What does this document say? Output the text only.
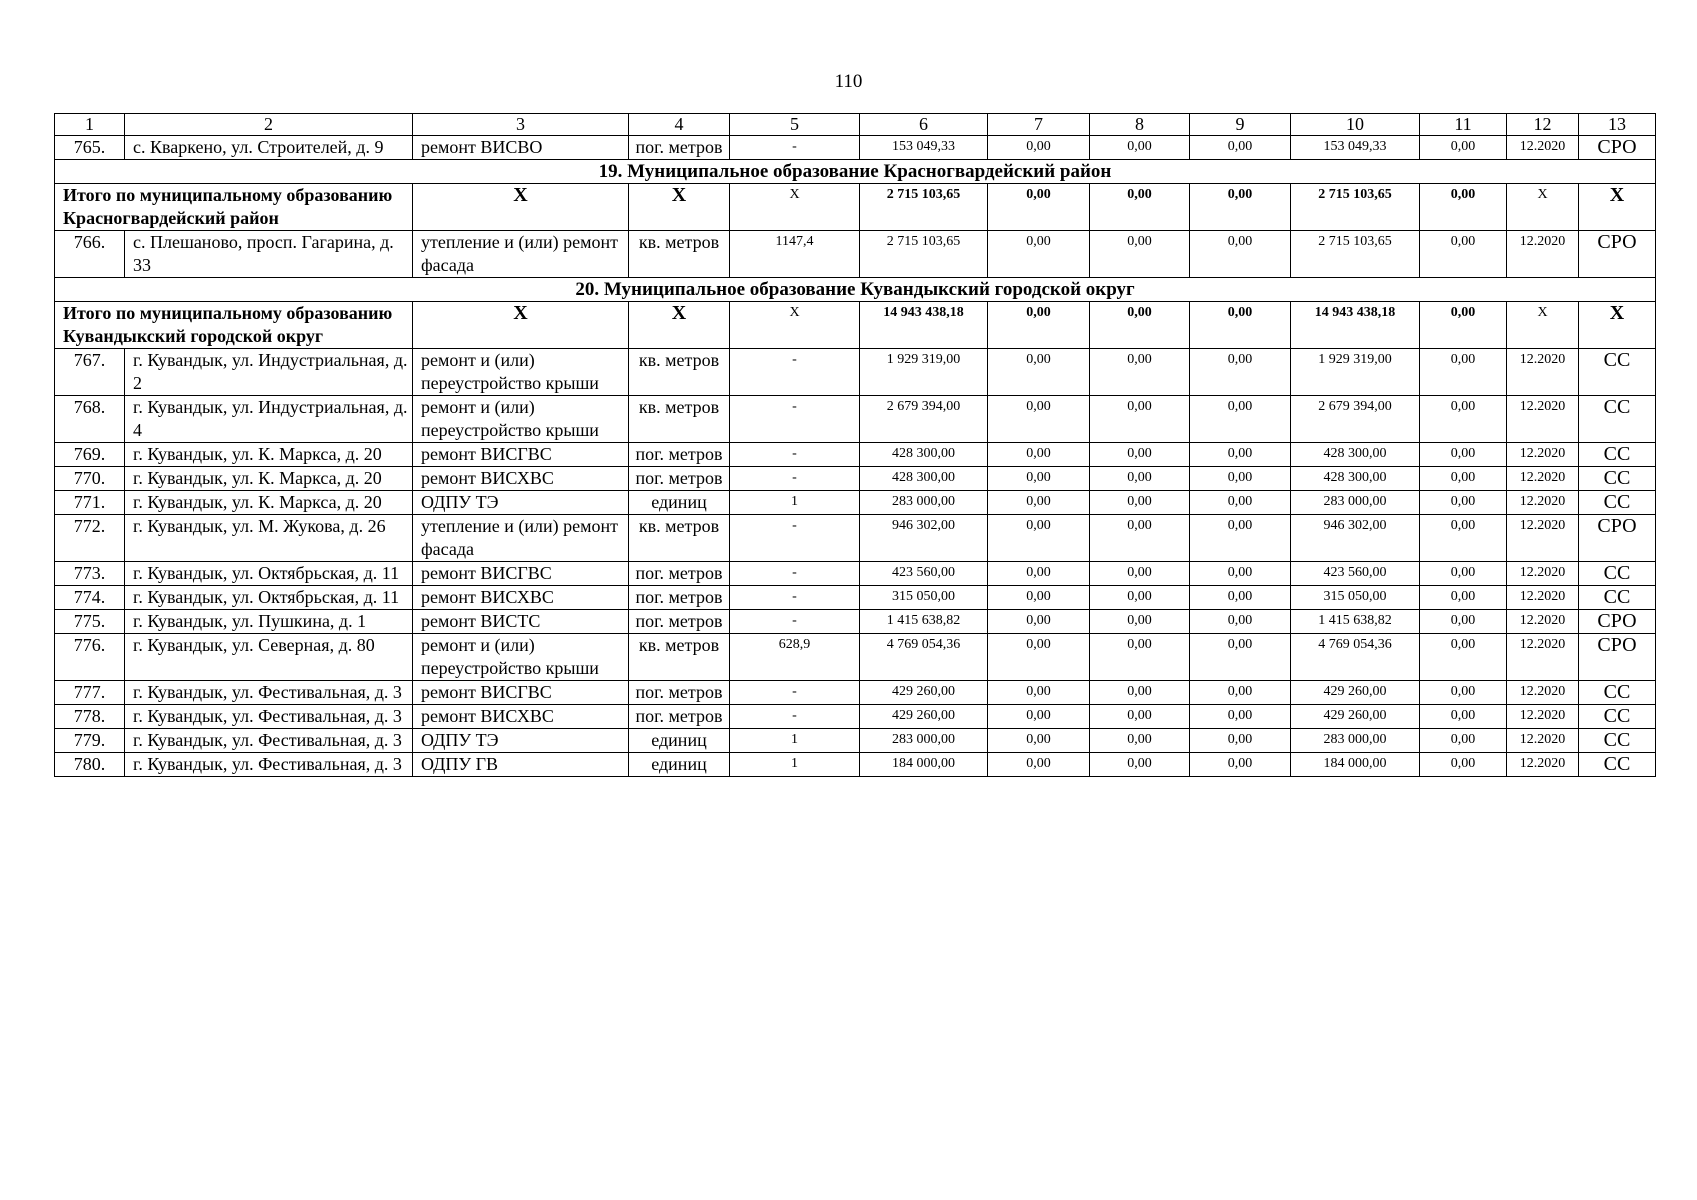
110
1	2	3	4	5	6	7	8	9	10	11	12	13
765.	с. Кваркено, ул. Строителей, д. 9	ремонт ВИСВО	пог. метров	-	153 049,33	0,00	0,00	0,00	153 049,33	0,00	12.2020	СРО
19. Муниципальное образование Красногвардейский район												
Итого по муниципальному образованию Красногвардейский район		Х	Х	Х	2 715 103,65	0,00	0,00	0,00	2 715 103,65	0,00	Х	Х
766.	с. Плешаново, просп. Гагарина, д. 33	утепление и (или) ремонт фасада	кв. метров	1147,4	2 715 103,65	0,00	0,00	0,00	2 715 103,65	0,00	12.2020	СРО
20. Муниципальное образование Кувандыкский городской округ												
Итого по муниципальному образованию Кувандыкский городской округ		Х	Х	Х	14 943 438,18	0,00	0,00	0,00	14 943 438,18	0,00	Х	Х
767.	г. Кувандык, ул. Индустриальная, д. 2	ремонт и (или) переустройство крыши	кв. метров	-	1 929 319,00	0,00	0,00	0,00	1 929 319,00	0,00	12.2020	СС
768.	г. Кувандык, ул. Индустриальная, д. 4	ремонт и (или) переустройство крыши	кв. метров	-	2 679 394,00	0,00	0,00	0,00	2 679 394,00	0,00	12.2020	СС
769.	г. Кувандык, ул. К. Маркса, д. 20	ремонт ВИСГВС	пог. метров	-	428 300,00	0,00	0,00	0,00	428 300,00	0,00	12.2020	СС
770.	г. Кувандык, ул. К. Маркса, д. 20	ремонт ВИСХВС	пог. метров	-	428 300,00	0,00	0,00	0,00	428 300,00	0,00	12.2020	СС
771.	г. Кувандык, ул. К. Маркса, д. 20	ОДПУ ТЭ	единиц	1	283 000,00	0,00	0,00	0,00	283 000,00	0,00	12.2020	СС
772.	г. Кувандык, ул. М. Жукова, д. 26	утепление и (или) ремонт фасада	кв. метров	-	946 302,00	0,00	0,00	0,00	946 302,00	0,00	12.2020	СРО
773.	г. Кувандык, ул. Октябрьская, д. 11	ремонт ВИСГВС	пог. метров	-	423 560,00	0,00	0,00	0,00	423 560,00	0,00	12.2020	СС
774.	г. Кувандык, ул. Октябрьская, д. 11	ремонт ВИСХВС	пог. метров	-	315 050,00	0,00	0,00	0,00	315 050,00	0,00	12.2020	СС
775.	г. Кувандык, ул. Пушкина, д. 1	ремонт ВИСТС	пог. метров	-	1 415 638,82	0,00	0,00	0,00	1 415 638,82	0,00	12.2020	СРО
776.	г. Кувандык, ул. Северная, д. 80	ремонт и (или) переустройство крыши	кв. метров	628,9	4 769 054,36	0,00	0,00	0,00	4 769 054,36	0,00	12.2020	СРО
777.	г. Кувандык, ул. Фестивальная, д. 3	ремонт ВИСГВС	пог. метров	-	429 260,00	0,00	0,00	0,00	429 260,00	0,00	12.2020	СС
778.	г. Кувандык, ул. Фестивальная, д. 3	ремонт ВИСХВС	пог. метров	-	429 260,00	0,00	0,00	0,00	429 260,00	0,00	12.2020	СС
779.	г. Кувандык, ул. Фестивальная, д. 3	ОДПУ ТЭ	единиц	1	283 000,00	0,00	0,00	0,00	283 000,00	0,00	12.2020	СС
780.	г. Кувандык, ул. Фестивальная, д. 3	ОДПУ ГВ	единиц	1	184 000,00	0,00	0,00	0,00	184 000,00	0,00	12.2020	СС
